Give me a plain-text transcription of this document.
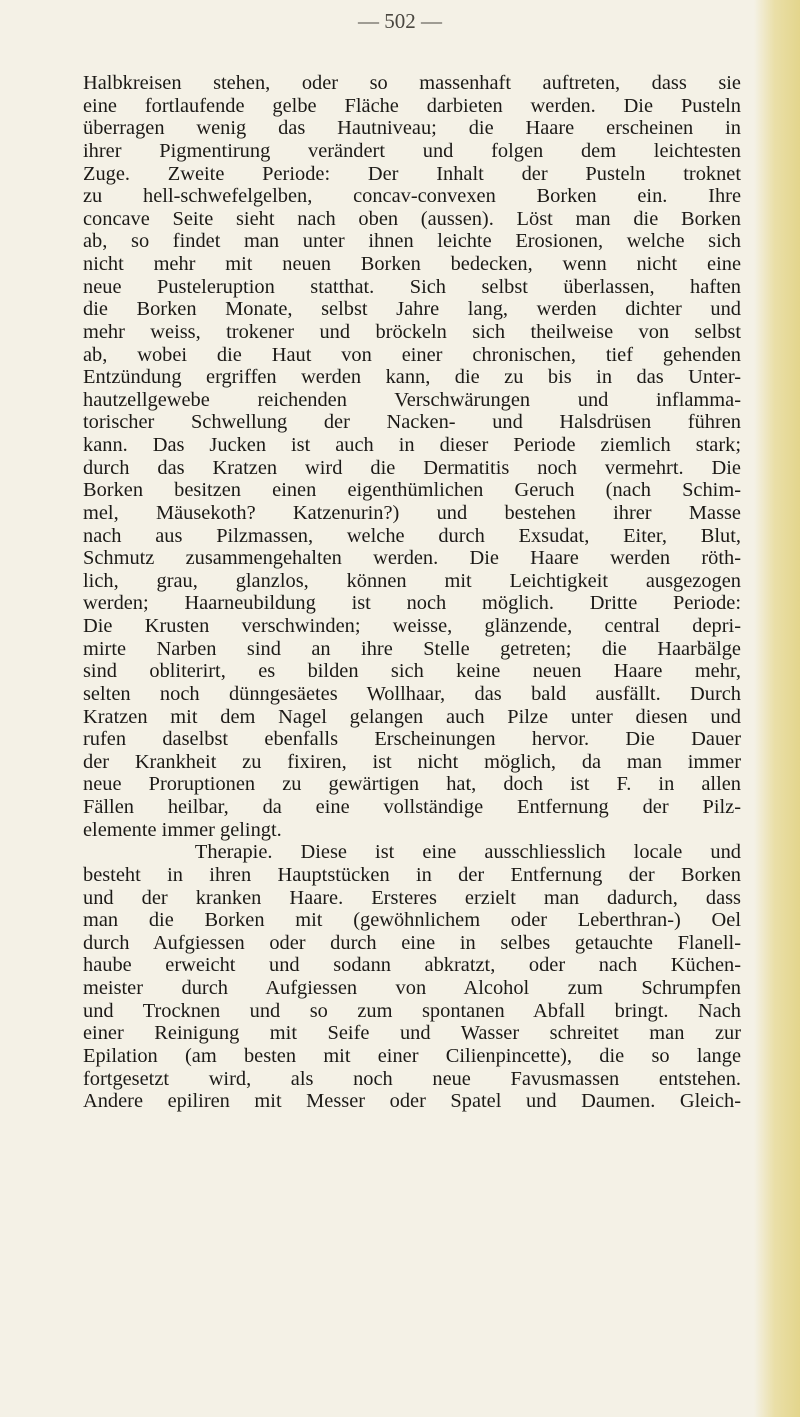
— 502 —
Halbkreisen stehen, oder so massenhaft auftreten, dass sie
eine fortlaufende gelbe Fläche darbieten werden. Die Pusteln
überragen wenig das Hautniveau; die Haare erscheinen in
ihrer Pigmentirung verändert und folgen dem leichtesten
Zuge. Zweite Periode: Der Inhalt der Pusteln troknet
zu hell-schwefelgelben, concav-convexen Borken ein. Ihre
concave Seite sieht nach oben (aussen). Löst man die Borken
ab, so findet man unter ihnen leichte Erosionen, welche sich
nicht mehr mit neuen Borken bedecken, wenn nicht eine
neue Pusteleruption statthat. Sich selbst überlassen, haften
die Borken Monate, selbst Jahre lang, werden dichter und
mehr weiss, trokener und bröckeln sich theilweise von selbst
ab, wobei die Haut von einer chronischen, tief gehenden
Entzündung ergriffen werden kann, die zu bis in das Unter-
hautzellgewebe reichenden Verschwärungen und inflamma-
torischer Schwellung der Nacken- und Halsdrüsen führen
kann. Das Jucken ist auch in dieser Periode ziemlich stark;
durch das Kratzen wird die Dermatitis noch vermehrt. Die
Borken besitzen einen eigenthümlichen Geruch (nach Schim-
mel, Mäusekoth? Katzenurin?) und bestehen ihrer Masse
nach aus Pilzmassen, welche durch Exsudat, Eiter, Blut,
Schmutz zusammengehalten werden. Die Haare werden röth-
lich, grau, glanzlos, können mit Leichtigkeit ausgezogen
werden; Haarneubildung ist noch möglich. Dritte Periode:
Die Krusten verschwinden; weisse, glänzende, central depri-
mirte Narben sind an ihre Stelle getreten; die Haarbälge
sind obliterirt, es bilden sich keine neuen Haare mehr,
selten noch dünngesäetes Wollhaar, das bald ausfällt. Durch
Kratzen mit dem Nagel gelangen auch Pilze unter diesen und
rufen daselbst ebenfalls Erscheinungen hervor. Die Dauer
der Krankheit zu fixiren, ist nicht möglich, da man immer
neue Proruptionen zu gewärtigen hat, doch ist F. in allen
Fällen heilbar, da eine vollständige Entfernung der Pilz-
elemente immer gelingt.
Therapie. Diese ist eine ausschliesslich locale und
besteht in ihren Hauptstücken in der Entfernung der Borken
und der kranken Haare. Ersteres erzielt man dadurch, dass
man die Borken mit (gewöhnlichem oder Leberthran-) Oel
durch Aufgiessen oder durch eine in selbes getauchte Flanell-
haube erweicht und sodann abkratzt, oder nach Küchen-
meister durch Aufgiessen von Alcohol zum Schrumpfen
und Trocknen und so zum spontanen Abfall bringt. Nach
einer Reinigung mit Seife und Wasser schreitet man zur
Epilation (am besten mit einer Cilienpincette), die so lange
fortgesetzt wird, als noch neue Favusmassen entstehen.
Andere epiliren mit Messer oder Spatel und Daumen. Gleich-
